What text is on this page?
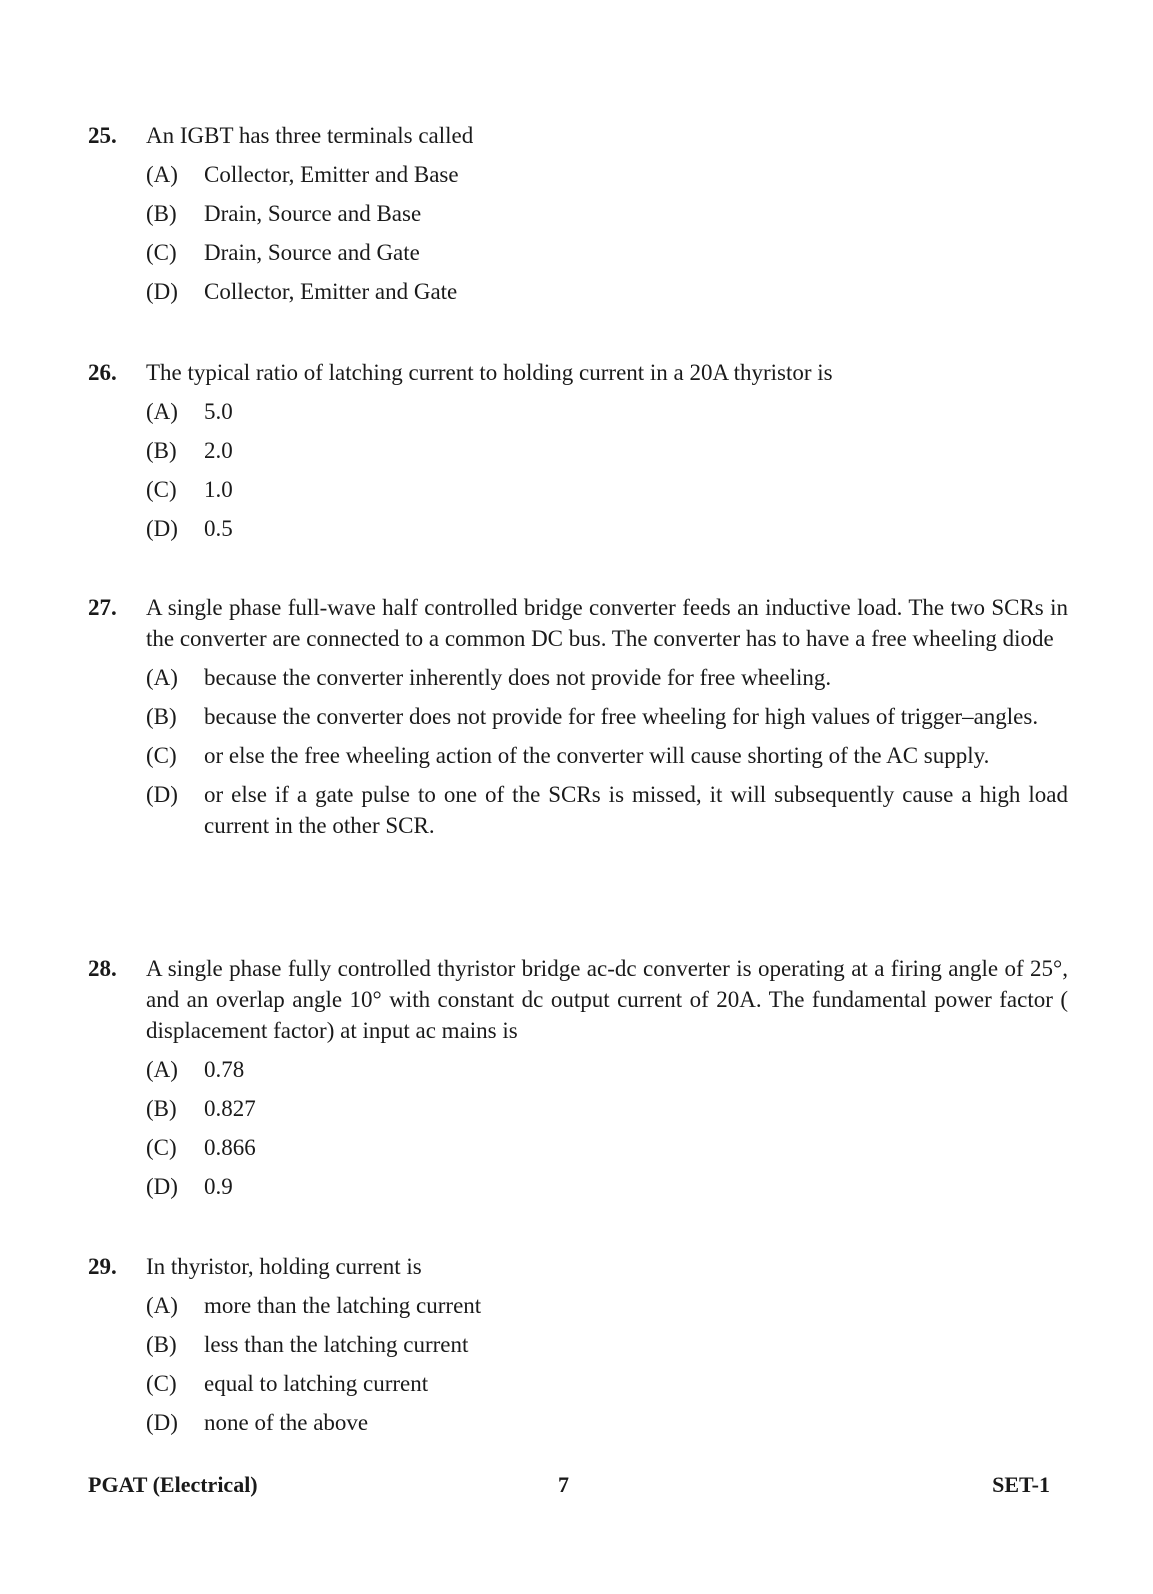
25. An IGBT has three terminals called
(A) Collector, Emitter and Base
(B) Drain, Source and Base
(C) Drain, Source and Gate
(D) Collector, Emitter and Gate
26. The typical ratio of latching current to holding current in a 20A thyristor is
(A) 5.0
(B) 2.0
(C) 1.0
(D) 0.5
27. A single phase full-wave half controlled bridge converter feeds an inductive load. The two SCRs in the converter are connected to a common DC bus. The converter has to have a free wheeling diode
(A) because the converter inherently does not provide for free wheeling.
(B) because the converter does not provide for free wheeling for high values of trigger–angles.
(C) or else the free wheeling action of the converter will cause shorting of the AC supply.
(D) or else if a gate pulse to one of the SCRs is missed, it will subsequently cause a high load current in the other SCR.
28. A single phase fully controlled thyristor bridge ac-dc converter is operating at a firing angle of 25°, and an overlap angle 10° with constant dc output current of 20A. The fundamental power factor ( displacement factor) at input ac mains is
(A) 0.78
(B) 0.827
(C) 0.866
(D) 0.9
29. In thyristor, holding current is
(A) more than the latching current
(B) less than the latching current
(C) equal to latching current
(D) none of the above
PGAT (Electrical)	7	SET-1
